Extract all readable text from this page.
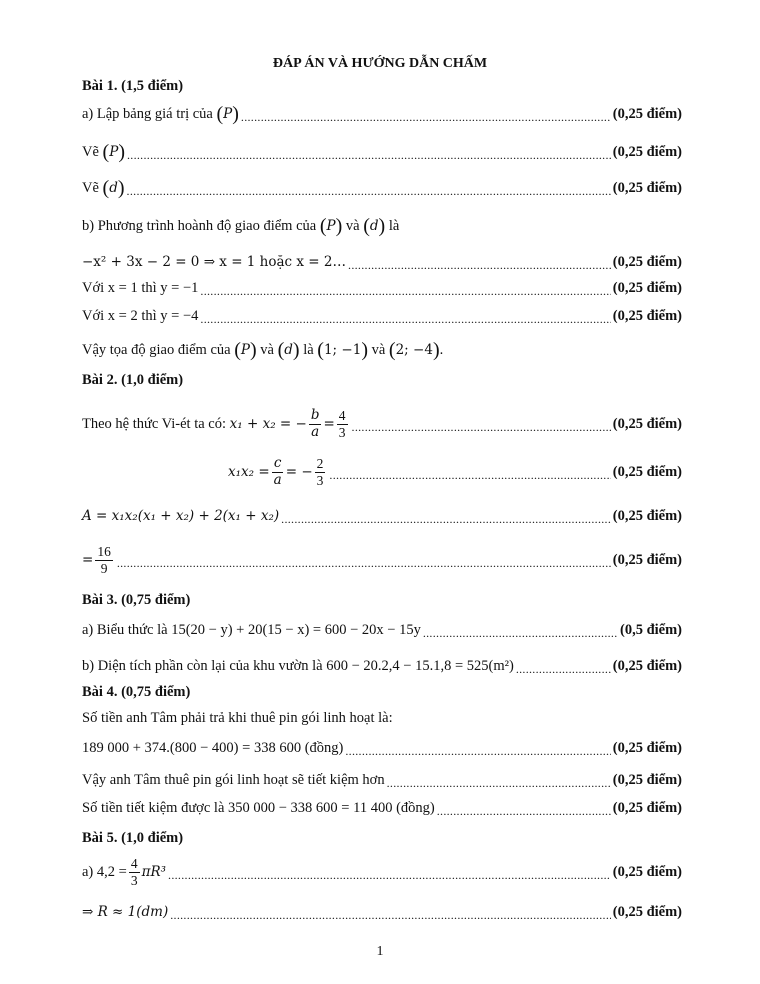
ĐÁP ÁN VÀ HƯỚNG DẪN CHẤM
Bài 1. (1,5 điểm)
a) Lập bảng giá trị của
( P ) .....	(0,25 điểm)
Vẽ
( P ) .....	(0,25 điểm)
Vẽ
( d ) .....	(0,25 điểm)
b) Phương trình hoành độ giao điểm của
( P )
và
( d )
là
−x² + 3x − 2 = 0 ⇒ x = 1 hoặc x = 2… .....	(0,25 điểm)
Với x = 1 thì y = −1 .....	(0,25 điểm)
Với x = 2 thì y = −4 .....	(0,25 điểm)
Vậy tọa độ giao điểm của
( P )
và
( d )
là
( 1; −1 )
và
( 2; −4 ) .
Bài 2. (1,0 điểm)
Theo hệ thức Vi-ét ta có:
x₁ + x₂ = − $\frac{b}{a} = \frac{4}{3}$ .....	(0,25 điểm)
$x_1x_2 = \frac{c}{a}$ = − $\frac{2}{3}$ .....	(0,25 điểm)
A = x₁x₂(x₁ + x₂) + 2(x₁ + x₂) .....	(0,25 điểm)
= $\frac{16}{9}$ .....	(0,25 điểm)
Bài 3. (0,75 điểm)
a) Biểu thức là 15(20 − y) + 20(15 − x) = 600 − 20x − 15y .....	(0,5 điểm)
b) Diện tích phần còn lại của khu vườn là 600 − 20.2,4 − 15.1,8 = 525(m²) .....	(0,25 điểm)
Bài 4. (0,75 điểm)
Số tiền anh Tâm phải trả khi thuê pin gói linh hoạt là:
189 000 + 374.(800 − 400) = 338 600 (đồng) .....	(0,25 điểm)
Vậy anh Tâm thuê pin gói linh hoạt sẽ tiết kiệm hơn .....	(0,25 điểm)
Số tiền tiết kiệm được là 350 000 − 338 600 = 11 400 (đồng) .....	(0,25 điểm)
Bài 5. (1,0 điểm)
a) $4,2 = \frac{4}{3} \pi R^3$ .....	(0,25 điểm)
⇒ R ≈ 1(dm) .....	(0,25 điểm)
1
